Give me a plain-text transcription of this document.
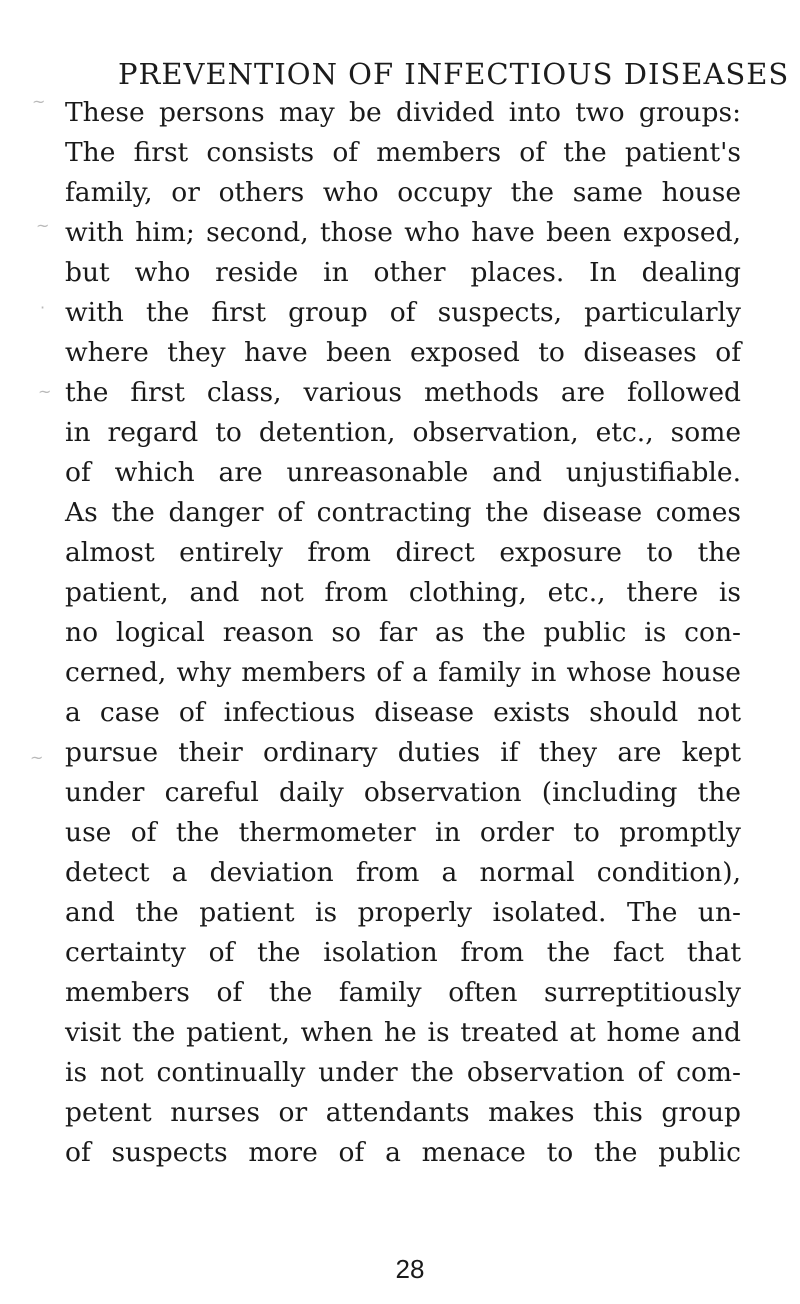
PREVENTION OF INFECTIOUS DISEASES
~
~
·
~
~
These persons may be divided into two groups:
The first consists of members of the patient's
family, or others who occupy the same house
with him; second, those who have been exposed,
but who reside in other places. In dealing
with the first group of suspects, particularly
where they have been exposed to diseases of
the first class, various methods are followed
in regard to detention, observation, etc., some
of which are unreasonable and unjustifiable.
As the danger of contracting the disease comes
almost entirely from direct exposure to the
patient, and not from clothing, etc., there is
no logical reason so far as the public is con-
cerned, why members of a family in whose house
a case of infectious disease exists should not
pursue their ordinary duties if they are kept
under careful daily observation (including the
use of the thermometer in order to promptly
detect a deviation from a normal condition),
and the patient is properly isolated. The un-
certainty of the isolation from the fact that
members of the family often surreptitiously
visit the patient, when he is treated at home and
is not continually under the observation of com-
petent nurses or attendants makes this group
of suspects more of a menace to the public
28
